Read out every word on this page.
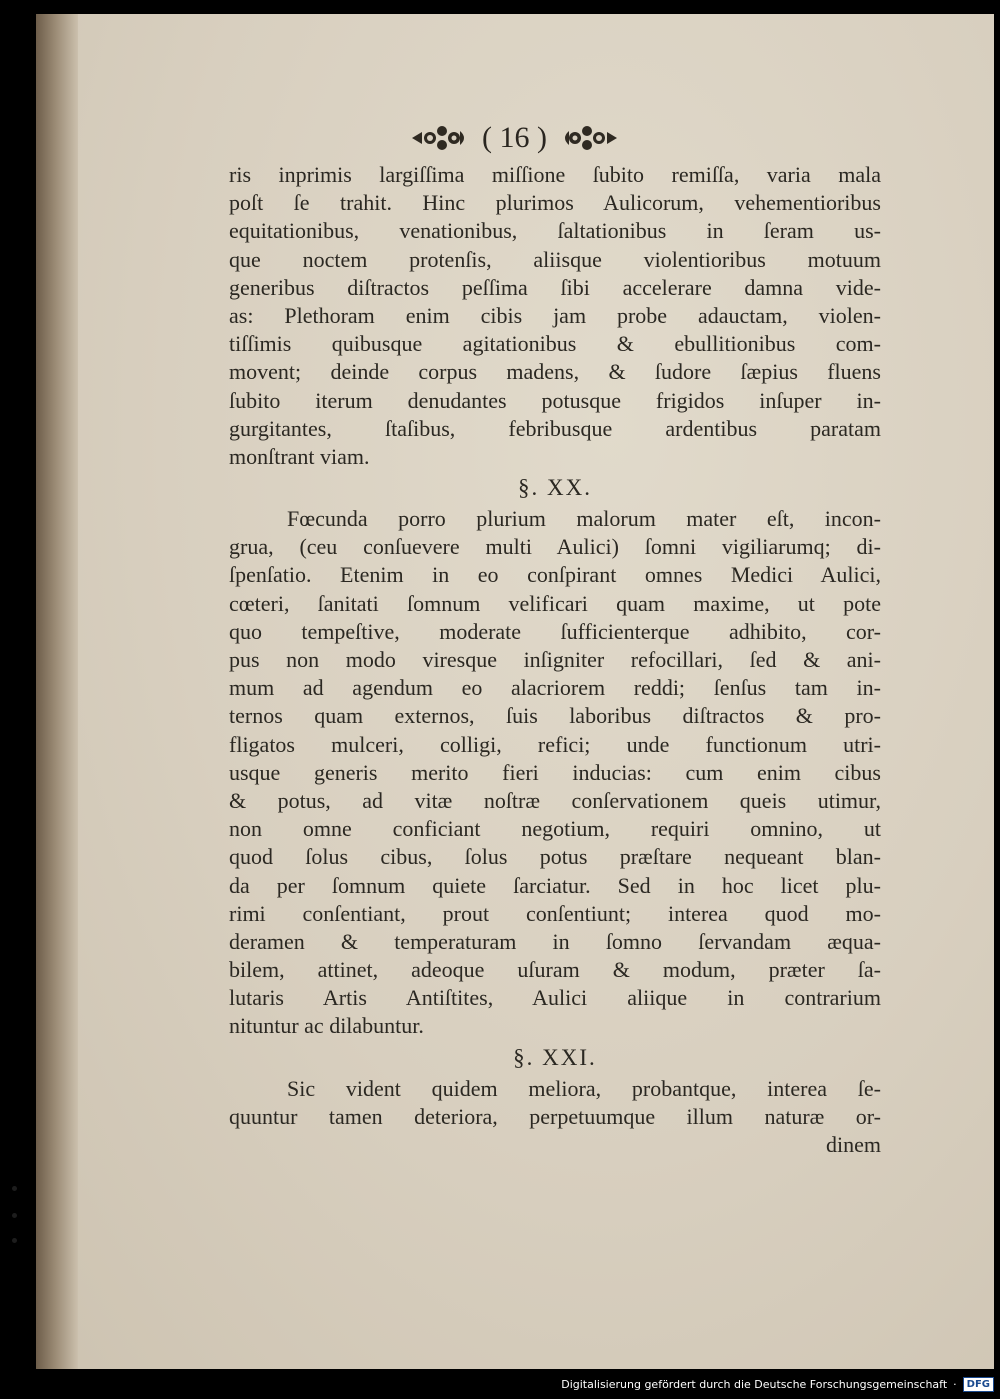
( 16 )
ris inprimis largiſſima miſſione ſubito remiſſa, varia mala
poſt ſe trahit. Hinc plurimos Aulicorum, vehementioribus
equitationibus, venationibus, ſaltationibus in ſeram us-
que noctem protenſis, aliisque violentioribus motuum
generibus diſtractos peſſima ſibi accelerare damna vide-
as: Plethoram enim cibis jam probe adauctam, violen-
tiſſimis quibusque agitationibus & ebullitionibus com-
movent; deinde corpus madens, & ſudore ſæpius fluens
ſubito iterum denudantes potusque frigidos inſuper in-
gurgitantes, ſtaſibus, febribusque ardentibus paratam
monſtrant viam.
§. XX.
Fœcunda porro plurium malorum mater eſt, incon-
grua, (ceu conſuevere multi Aulici) ſomni vigiliarumq; di-
ſpenſatio. Etenim in eo conſpirant omnes Medici Aulici,
cœteri, ſanitati ſomnum velificari quam maxime, ut pote
quo tempeſtive, moderate ſufficienterque adhibito, cor-
pus non modo viresque inſigniter refocillari, ſed & ani-
mum ad agendum eo alacriorem reddi; ſenſus tam in-
ternos quam externos, ſuis laboribus diſtractos & pro-
fligatos mulceri, colligi, refici; unde functionum utri-
usque generis merito fieri inducias: cum enim cibus
& potus, ad vitæ noſtræ conſervationem queis utimur,
non omne conficiant negotium, requiri omnino, ut
quod ſolus cibus, ſolus potus præſtare nequeant blan-
da per ſomnum quiete ſarciatur. Sed in hoc licet plu-
rimi conſentiant, prout conſentiunt; interea quod mo-
deramen & temperaturam in ſomno ſervandam æqua-
bilem, attinet, adeoque uſuram & modum, præter ſa-
lutaris Artis Antiſtites, Aulici aliique in contrarium
nituntur ac dilabuntur.
§. XXI.
Sic vident quidem meliora, probantque, interea ſe-
quuntur tamen deteriora, perpetuumque illum naturæ or-
dinem
Digitalisierung gefördert durch die Deutsche Forschungsgemeinschaft ·	DFG
